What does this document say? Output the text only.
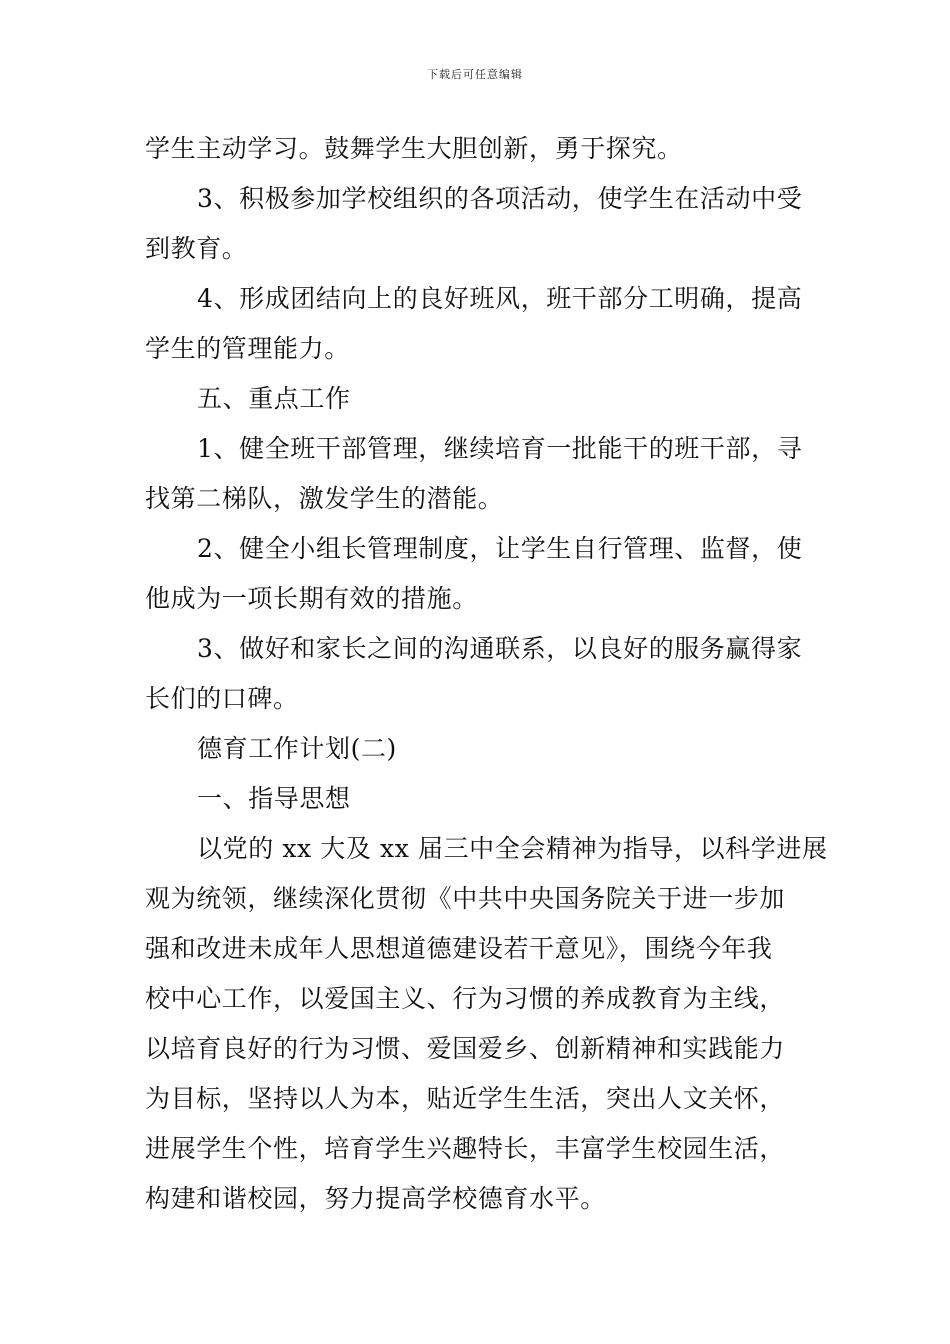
下载后可任意编辑
学生主动学习。鼓舞学生大胆创新，勇于探究。
3、积极参加学校组织的各项活动，使学生在活动中受
到教育。
4、形成团结向上的良好班风，班干部分工明确，提高
学生的管理能力。
五、重点工作
1、健全班干部管理，继续培育一批能干的班干部，寻
找第二梯队，激发学生的潜能。
2、健全小组长管理制度，让学生自行管理、监督，使
他成为一项长期有效的措施。
3、做好和家长之间的沟通联系，以良好的服务赢得家
长们的口碑。
德育工作计划(二)
一、指导思想
以党的 xx 大及 xx 届三中全会精神为指导，以科学进展
观为统领，继续深化贯彻《中共中央国务院关于进一步加
强和改进未成年人思想道德建设若干意见》，围绕今年我
校中心工作，以爱国主义、行为习惯的养成教育为主线，
以培育良好的行为习惯、爱国爱乡、创新精神和实践能力
为目标，坚持以人为本，贴近学生生活，突出人文关怀，
进展学生个性，培育学生兴趣特长，丰富学生校园生活，
构建和谐校园，努力提高学校德育水平。
